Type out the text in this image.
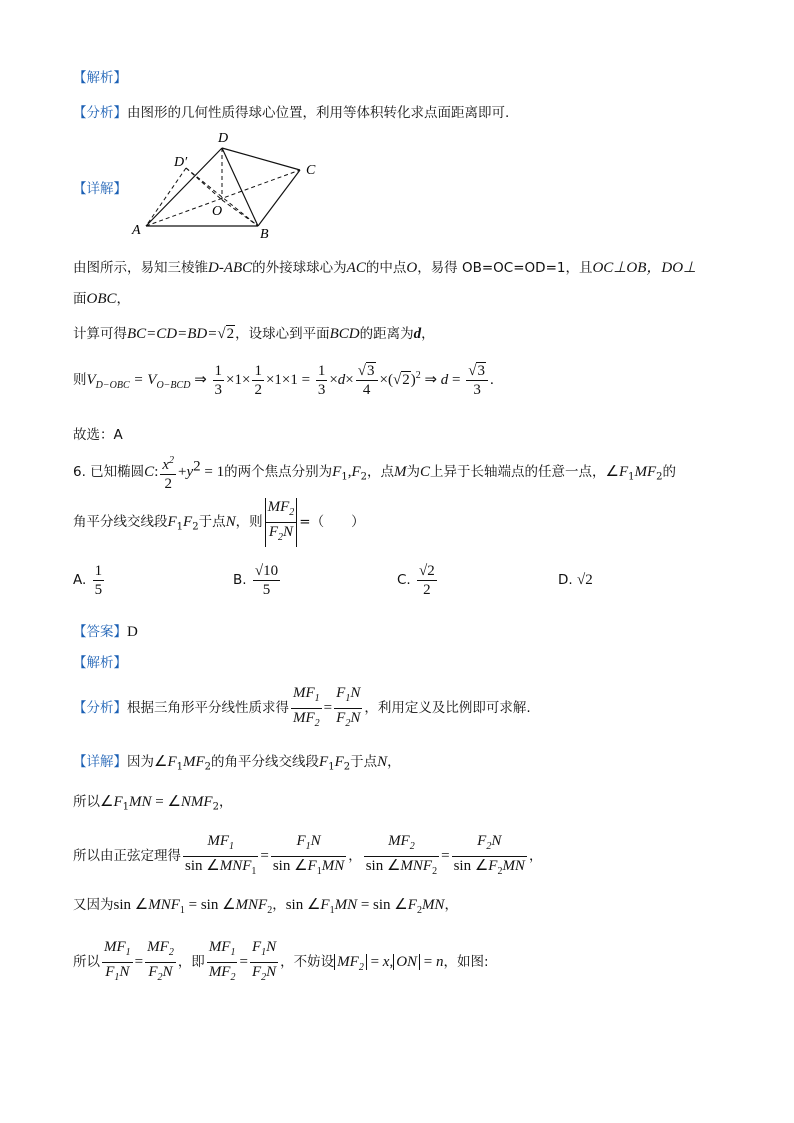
【解析】
【分析】由图形的几何性质得球心位置，利用等体积转化求点面距离即可.
【详解】
D
D′
C
O
A	B
由图所示，易知三棱锥D-ABC的外接球球心为AC的中点O，易得 OB=OC=OD=1，且OC⊥OB，DO⊥
面OBC，
计算可得BC=CD=BD=√2，设球心到平面BCD的距离为d，
则$V_{D-OBC} = V_{O-BCD}$ ⇒ $\frac{1}{3} \times 1\times \frac{1}{2} \times 1\times 1 = \frac{1}{3} \times d\times \frac{√3}{4} \times(√2)^2$ ⇒ $d = \frac{√3}{3}$ .
故选：A
6. 已知椭圆C: $\frac{x^2}{2} +y^2 = 1$的两个焦点分别为$F_1,F_2$，点M为C上异于长轴端点的任意一点，$\angle F_1MF_2$的
角平分线交线段$F_1F_2$于点N，则 $\frac{MF_2}{F_2N}$ =（　　）
A. $\frac{1}{5}$	B. $\frac{√10}{5}$	C. $\frac{√2}{2}$	D. √2
【答案】D
【解析】
【分析】根据三角形平分线性质求得 $\frac{MF_1}{MF_2} = \frac{F_1N}{F_2N}$ ，利用定义及比例即可求解.
【详解】因为$\angle F_1MF_2$的角平分线交线段$F_1F_2$于点N，
所以$\angle F_1MN$ = $\angle NMF_2$，
所以由正弦定理得 $\frac{MF_1}{\sin \angle MNF_1} = \frac{F_1N}{\sin \angle F_1MN}$ ， $\frac{MF_2}{\sin \angle MNF_2} = \frac{F_2N}{\sin \angle F_2MN}$ ，
又因为$\sin \angle MNF_1 = \sin$ $\angle MNF_2$，$\sin \angle F_1MN = \sin$ $\angle F_2MN$，
所以 $\frac{MF_1}{F_1N} = \frac{MF_2}{F_2N}$ ，即 $\frac{MF_1}{MF_2} = \frac{F_1N}{F_2N}$ ，不妨设 $MF_2 = x$, ON = n，如图:
